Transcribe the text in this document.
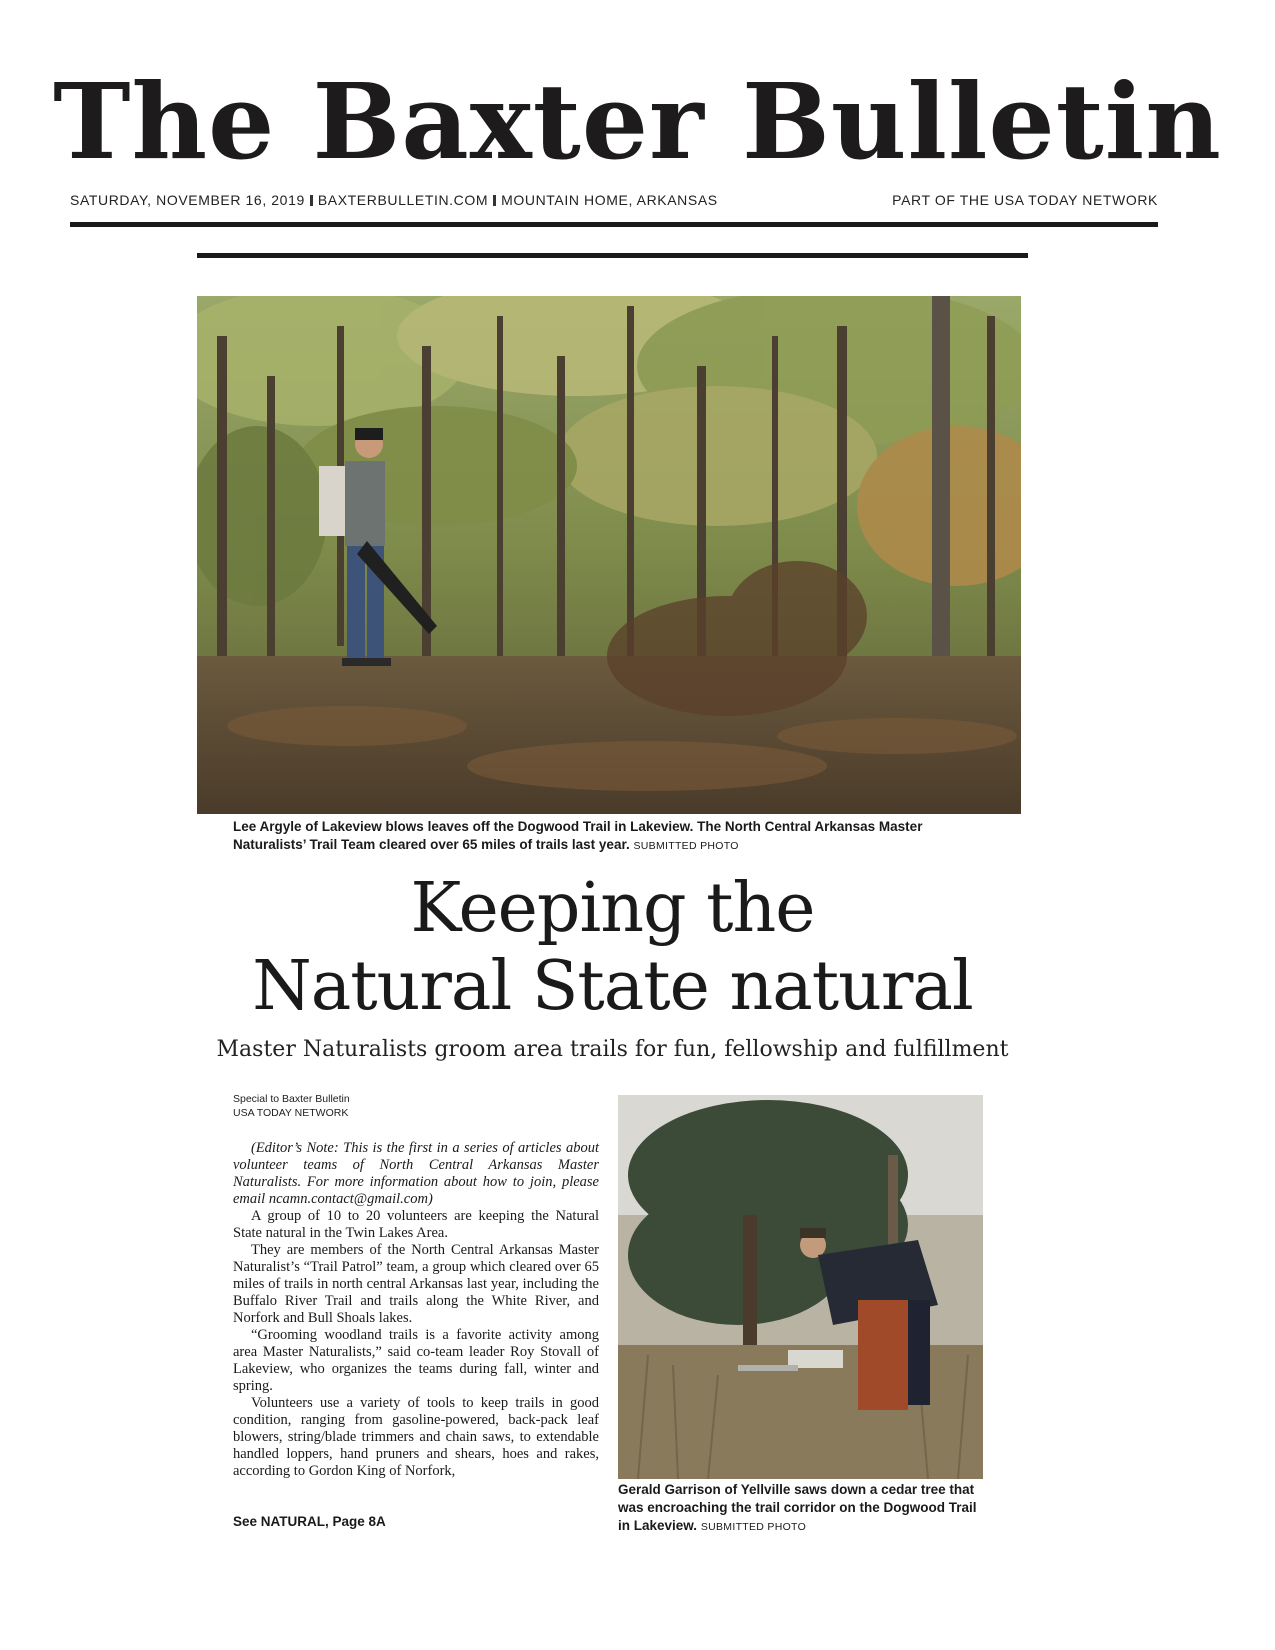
The Baxter Bulletin
SATURDAY, NOVEMBER 16, 2019 BAXTERBULLETIN.COM MOUNTAIN HOME, ARKANSAS	PART OF THE USA TODAY NETWORK
Lee Argyle of Lakeview blows leaves off the Dogwood Trail in Lakeview. The North Central Arkansas Master Naturalists’ Trail Team cleared over 65 miles of trails last year. SUBMITTED PHOTO
Keeping the
Natural State natural
Master Naturalists groom area trails for fun, fellowship and fulfillment
Special to Baxter Bulletin
USA TODAY NETWORK

(Editor’s Note: This is the first in a series of articles about volunteer teams of North Central Arkansas Master Naturalists. For more information about how to join, please email ncamn.contact@gmail.com)

A group of 10 to 20 volunteers are keeping the Natural State natural in the Twin Lakes Area.

They are members of the North Central Arkansas Master Naturalist’s “Trail Patrol” team, a group which cleared over 65 miles of trails in north central Arkansas last year, including the Buffalo River Trail and trails along the White River, and Norfork and Bull Shoals lakes.

“Grooming woodland trails is a favorite activity among area Master Naturalists,” said co-team leader Roy Stovall of Lakeview, who organizes the teams during fall, winter and spring.

Volunteers use a variety of tools to keep trails in good condition, ranging from gasoline-powered, back-pack leaf blowers, string/blade trimmers and chain saws, to extendable handled loppers, hand pruners and shears, hoes and rakes, according to Gordon King of Norfork,

See NATURAL, Page 8A
Gerald Garrison of Yellville saws down a cedar tree that was encroaching the trail corridor on the Dogwood Trail in Lakeview. SUBMITTED PHOTO
